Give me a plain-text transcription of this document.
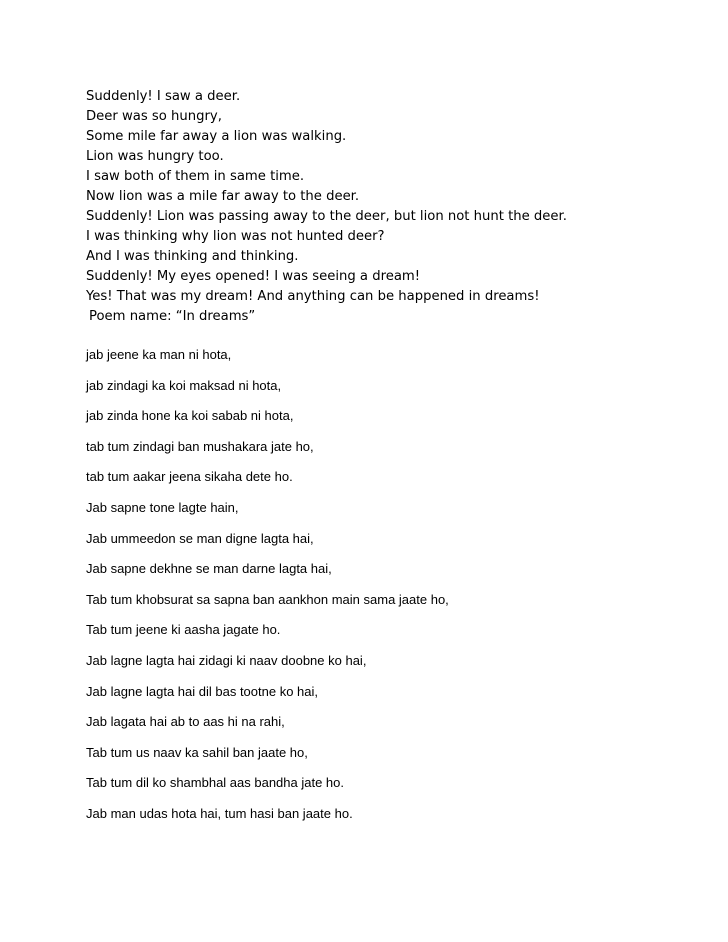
Suddenly! I saw a deer.
Deer was so hungry,
Some mile far away a lion was walking.
Lion was hungry too.
I saw both of them in same time.
Now lion was a mile far away to the deer.
Suddenly! Lion was passing away to the deer, but lion not hunt the deer.
I was thinking why lion was not hunted deer?
And I was thinking and thinking.
Suddenly! My eyes opened! I was seeing a dream!
Yes! That was my dream! And anything can be happened in dreams!
Poem name: “In dreams”
jab jeene ka man ni hota,
jab zindagi ka koi maksad ni hota,
jab zinda hone ka koi sabab ni hota,
tab tum zindagi ban mushakara jate ho,
tab tum aakar jeena sikaha dete ho.
Jab sapne tone lagte hain,
Jab ummeedon se man digne lagta hai,
Jab sapne dekhne se man darne lagta hai,
Tab tum khobsurat sa sapna ban aankhon main sama jaate ho,
Tab tum jeene ki aasha jagate ho.
Jab lagne lagta hai zidagi ki naav doobne ko hai,
Jab lagne lagta hai dil bas tootne ko hai,
Jab lagata hai ab to aas hi na rahi,
Tab tum us naav ka sahil ban jaate ho,
Tab tum dil ko shambhal aas bandha jate ho.
Jab man udas hota hai, tum hasi ban jaate ho.
